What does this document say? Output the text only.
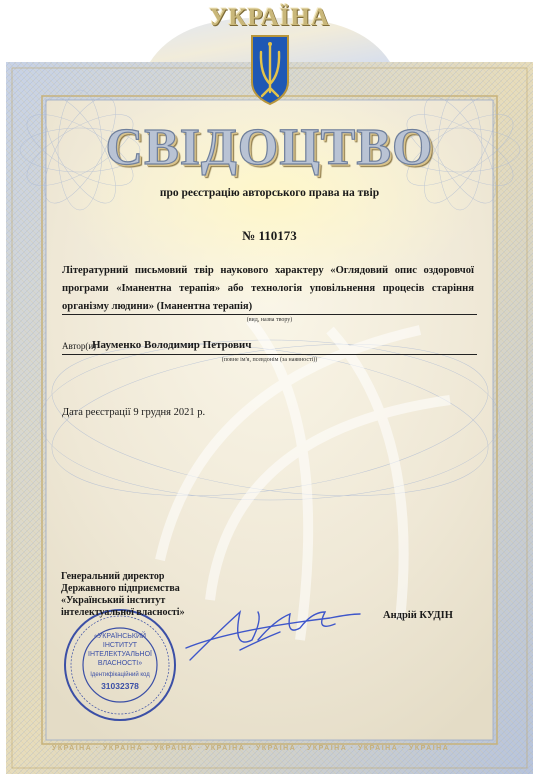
УКРАЇНА
СВІДОЦТВО
про реєстрацію авторського права на твір
№ 110173
Літературний письмовий твір наукового характеру «Оглядовий опис оздоровчої програми «Іманентна терапія» або технологія уповільнення процесів старіння організму людини» (Іманентна терапія)
(вид, назва твору)
Автор(и)
Науменко Володимир Петрович
(повне ім'я, псевдонім (за наявності))
Дата реєстрації 9 грудня 2021 р.
Генеральний директор
Державного підприємства
«Український інститут
інтелектуальної власності»	Андрій КУДІН
«УКРАЇНСЬКИЙ
ІНСТИТУТ
ІНТЕЛЕКТУАЛЬНОЇ
ВЛАСНОСТІ»
Ідентифікаційний код
31032378
УКРАЇНА · УКРАЇНА · УКРАЇНА · УКРАЇНА · УКРАЇНА · УКРАЇНА · УКРАЇНА · УКРАЇНА
